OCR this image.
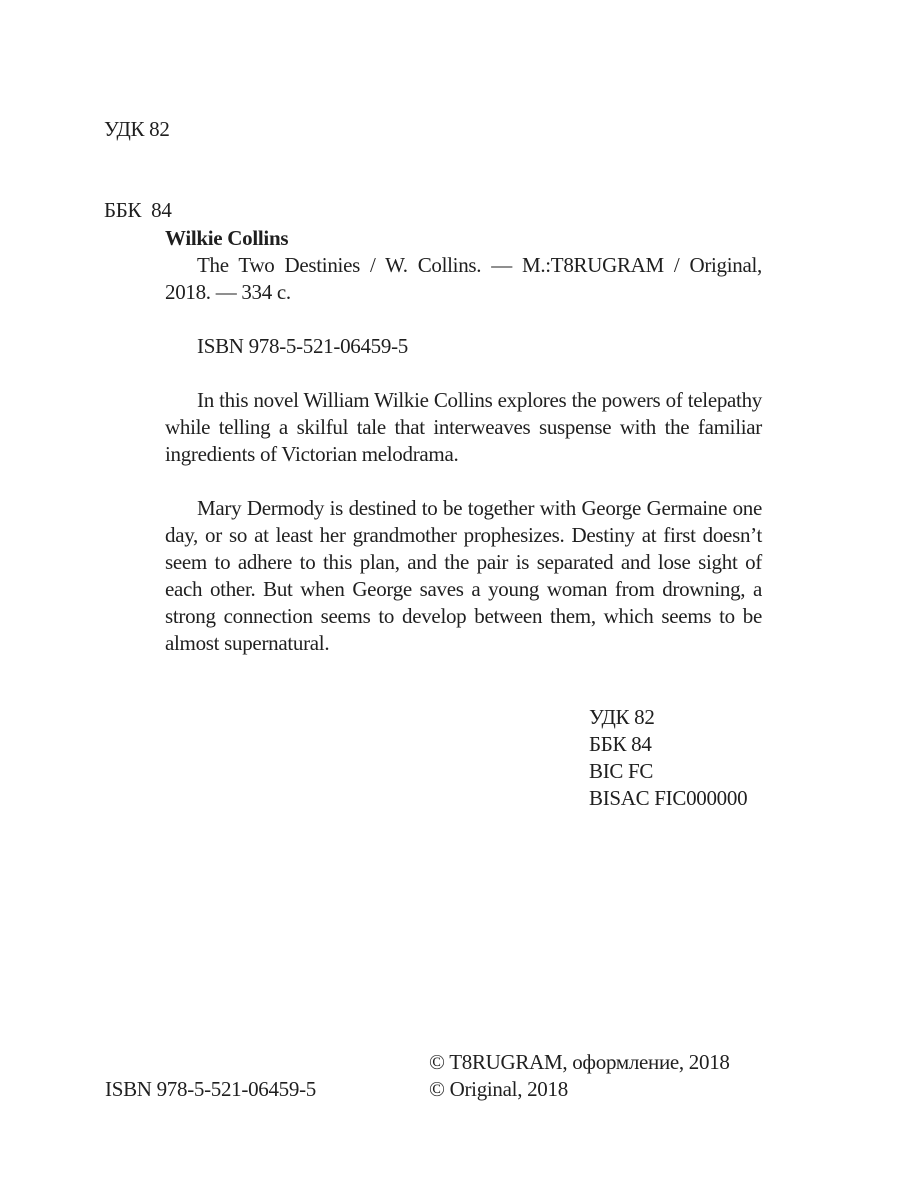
УДК 82

ББК  84

Wilkie Collins
The Two Destinies / W. Collins. — M.:T8RUGRAM / Original, 2018. — 334 с.
ISBN 978-5-521-06459-5
In this novel William Wilkie Collins explores the powers of telepathy while telling a skilful tale that interweaves suspense with the familiar ingredients of Victorian melodrama.
Mary Dermody is destined to be together with George Germaine one day, or so at least her grandmother prophesizes. Destiny at first doesn’t seem to adhere to this plan, and the pair is separated and lose sight of each other. But when George saves a young woman from drowning, a strong connection seems to develop between them, which seems to be almost supernatural.
УДК 82
ББК 84
BIC FC
BISAC FIC000000
ISBN 978-5-521-06459-5
© T8RUGRAM, оформление, 2018
© Original, 2018
